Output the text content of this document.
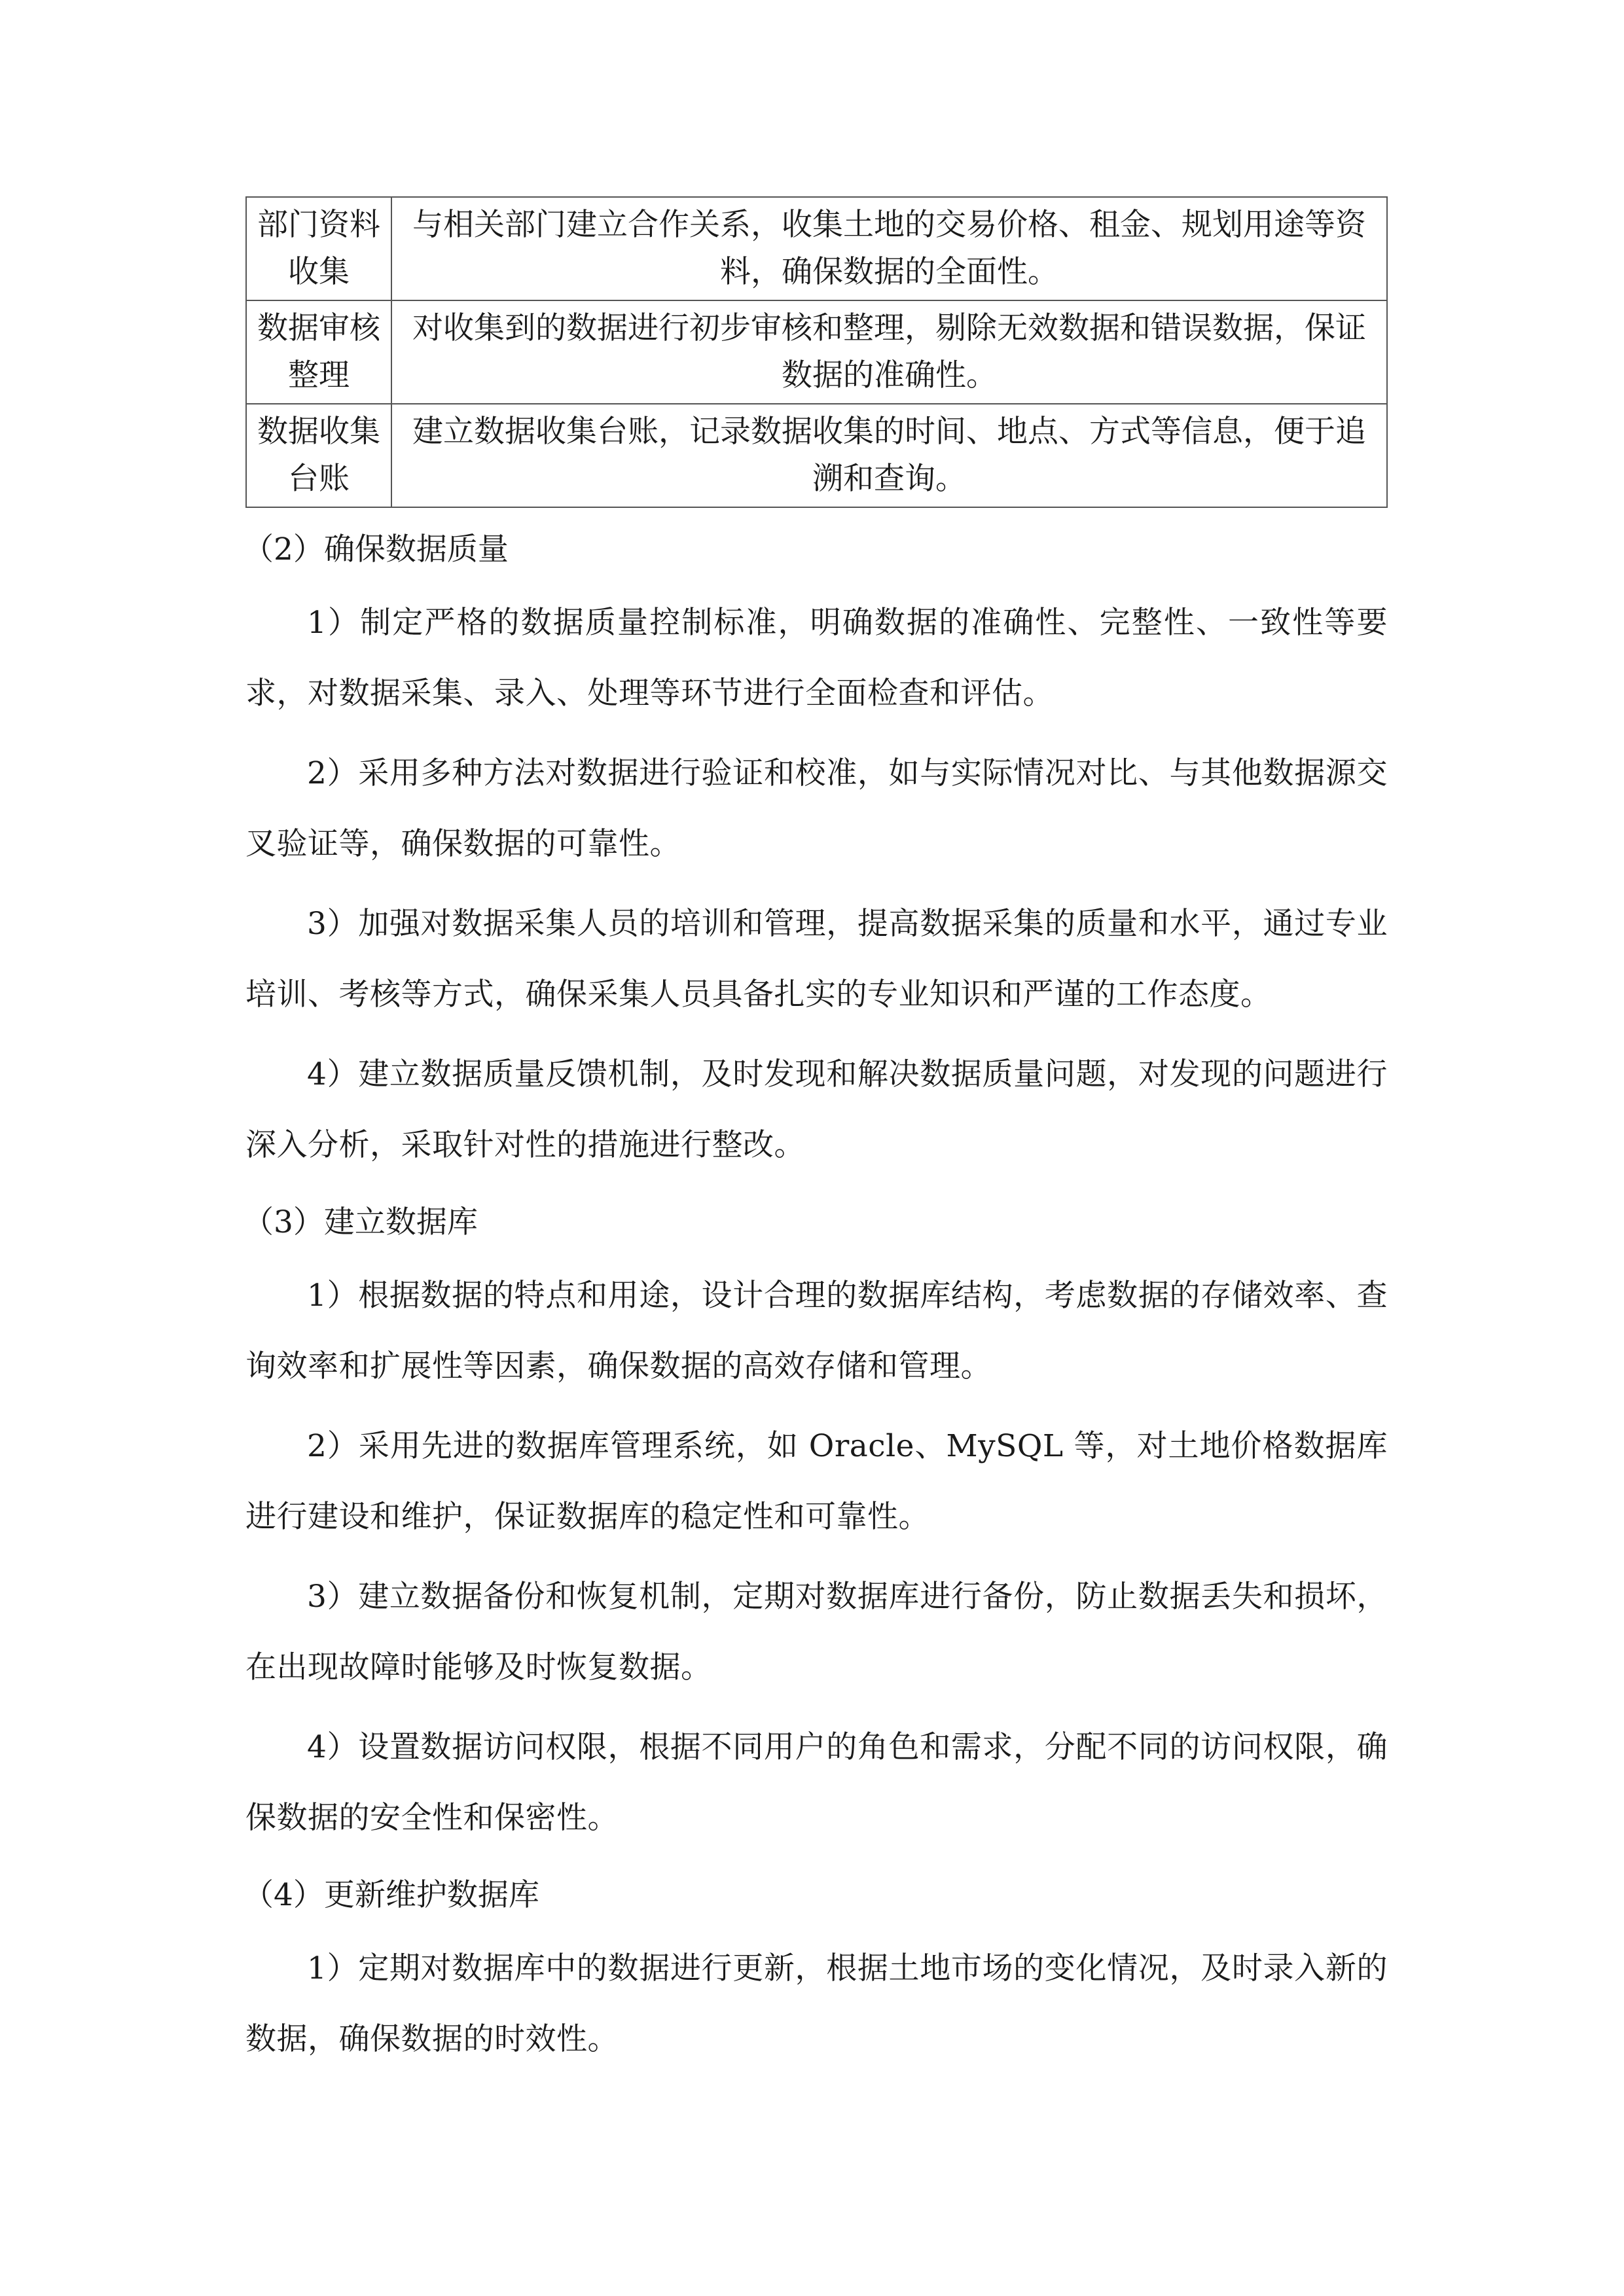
部门资料收集	与相关部门建立合作关系，收集土地的交易价格、租金、规划用途等资料，确保数据的全面性。
数据审核整理	对收集到的数据进行初步审核和整理，剔除无效数据和错误数据，保证数据的准确性。
数据收集台账	建立数据收集台账，记录数据收集的时间、地点、方式等信息，便于追溯和查询。
（2）确保数据质量

1）制定严格的数据质量控制标准，明确数据的准确性、完整性、一致性等要求，对数据采集、录入、处理等环节进行全面检查和评估。

2）采用多种方法对数据进行验证和校准，如与实际情况对比、与其他数据源交叉验证等，确保数据的可靠性。

3）加强对数据采集人员的培训和管理，提高数据采集的质量和水平，通过专业培训、考核等方式，确保采集人员具备扎实的专业知识和严谨的工作态度。

4）建立数据质量反馈机制，及时发现和解决数据质量问题，对发现的问题进行深入分析，采取针对性的措施进行整改。

（3）建立数据库

1）根据数据的特点和用途，设计合理的数据库结构，考虑数据的存储效率、查询效率和扩展性等因素，确保数据的高效存储和管理。

2）采用先进的数据库管理系统，如 Oracle、MySQL 等，对土地价格数据库进行建设和维护，保证数据库的稳定性和可靠性。

3）建立数据备份和恢复机制，定期对数据库进行备份，防止数据丢失和损坏，在出现故障时能够及时恢复数据。

4）设置数据访问权限，根据不同用户的角色和需求，分配不同的访问权限，确保数据的安全性和保密性。

（4）更新维护数据库

1）定期对数据库中的数据进行更新，根据土地市场的变化情况，及时录入新的数据，确保数据的时效性。
